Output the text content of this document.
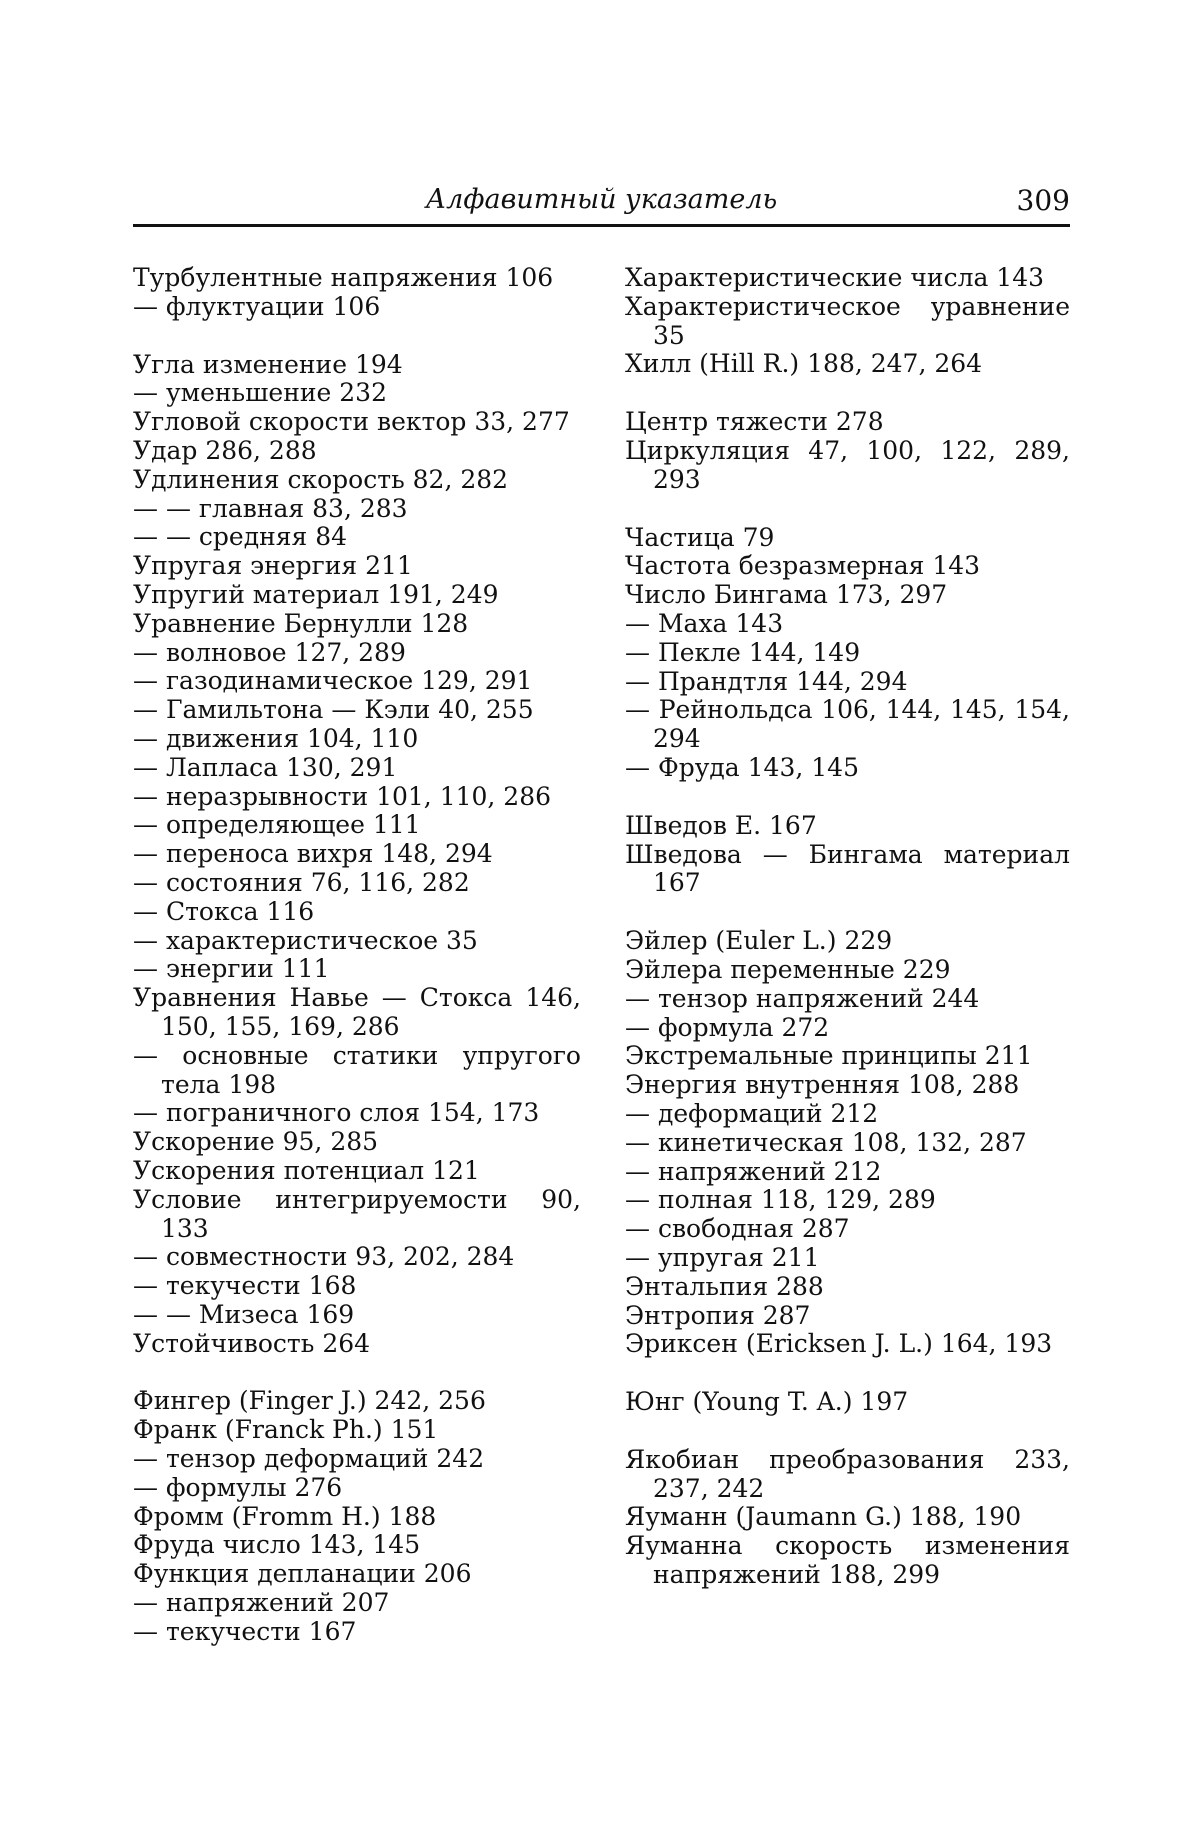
Алфавитный указатель	309

Турбулентные напряжения 106

— флуктуации 106

Угла изменение 194

— уменьшение 232

Угловой скорости вектор 33, 277

Удар 286, 288

Удлинения скорость 82, 282

— — главная 83, 283

— — средняя 84

Упругая энергия 211

Упругий материал 191, 249

Уравнение Бернулли 128

— волновое 127, 289

— газодинамическое 129, 291

— Гамильтона — Кэли 40, 255

— движения 104, 110

— Лапласа 130, 291

— неразрывности 101, 110, 286

— определяющее 111

— переноса вихря 148, 294

— состояния 76, 116, 282

— Стокса 116

— характеристическое 35

— энергии 111

Уравнения Навье — Стокса 146, 150, 155, 169, 286

— основные статики упругого тела 198

— пограничного слоя 154, 173

Ускорение 95, 285

Ускорения потенциал 121

Условие интегрируемости 90, 133

— совместности 93, 202, 284

— текучести 168

— — Мизеса 169

Устойчивость 264

Фингер (Finger J.) 242, 256

Франк (Franck Ph.) 151

— тензор деформаций 242

— формулы 276

Фромм (Fromm H.) 188

Фруда число 143, 145

Функция депланации 206

— напряжений 207

— текучести 167

Характеристические числа 143

Характеристическое уравнение 35

Хилл (Hill R.) 188, 247, 264

Центр тяжести 278

Циркуляция 47, 100, 122, 289, 293

Частица 79

Частота безразмерная 143

Число Бингама 173, 297

— Маха 143

— Пекле 144, 149

— Прандтля 144, 294

— Рейнольдса 106, 144, 145, 154, 294

— Фруда 143, 145

Шведов Е. 167

Шведова — Бингама материал 167

Эйлер (Euler L.) 229

Эйлера переменные 229

— тензор напряжений 244

— формула 272

Экстремальные принципы 211

Энергия внутренняя 108, 288

— деформаций 212

— кинетическая 108, 132, 287

— напряжений 212

— полная 118, 129, 289

— свободная 287

— упругая 211

Энтальпия 288

Энтропия 287

Эриксен (Ericksen J. L.) 164, 193

Юнг (Young T. A.) 197

Якобиан преобразования 233, 237, 242

Яуманн (Jaumann G.) 188, 190

Яуманна скорость изменения напряжений 188, 299
